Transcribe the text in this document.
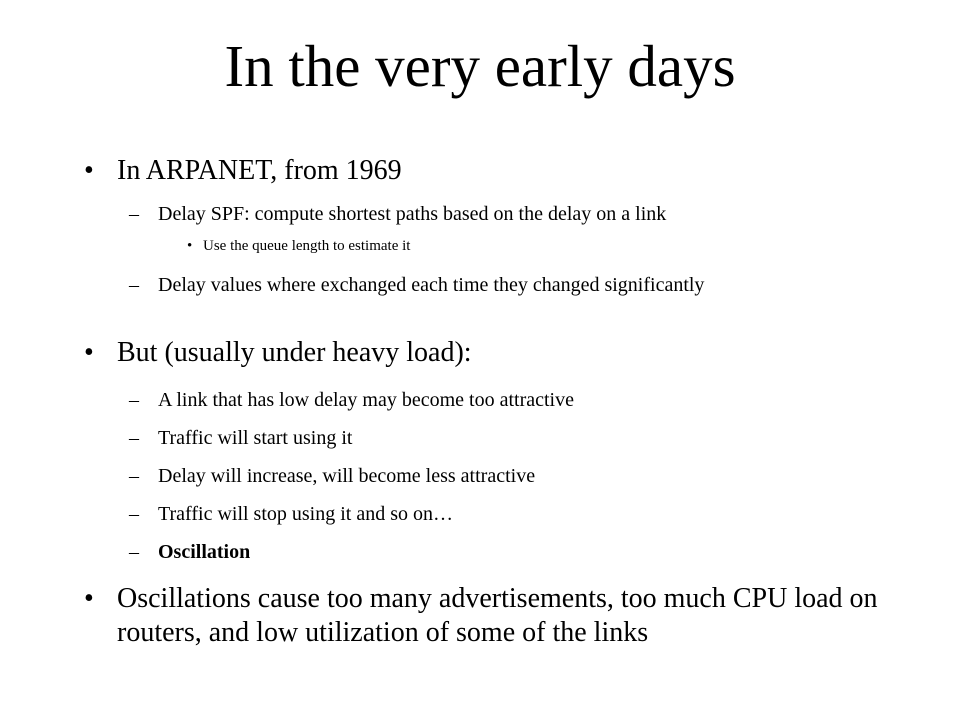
In the very early days
• In ARPANET, from 1969
– Delay SPF: compute shortest paths based on the delay on a link
• Use the queue length to estimate it
– Delay values where exchanged each time they changed significantly
• But (usually under heavy load):
– A link that has low delay may become too attractive
– Traffic will start using it
– Delay will increase, will become less attractive
– Traffic will stop using it and so on…
– Oscillation
• Oscillations cause too many advertisements, too much CPU load on routers, and low utilization of some of the links
